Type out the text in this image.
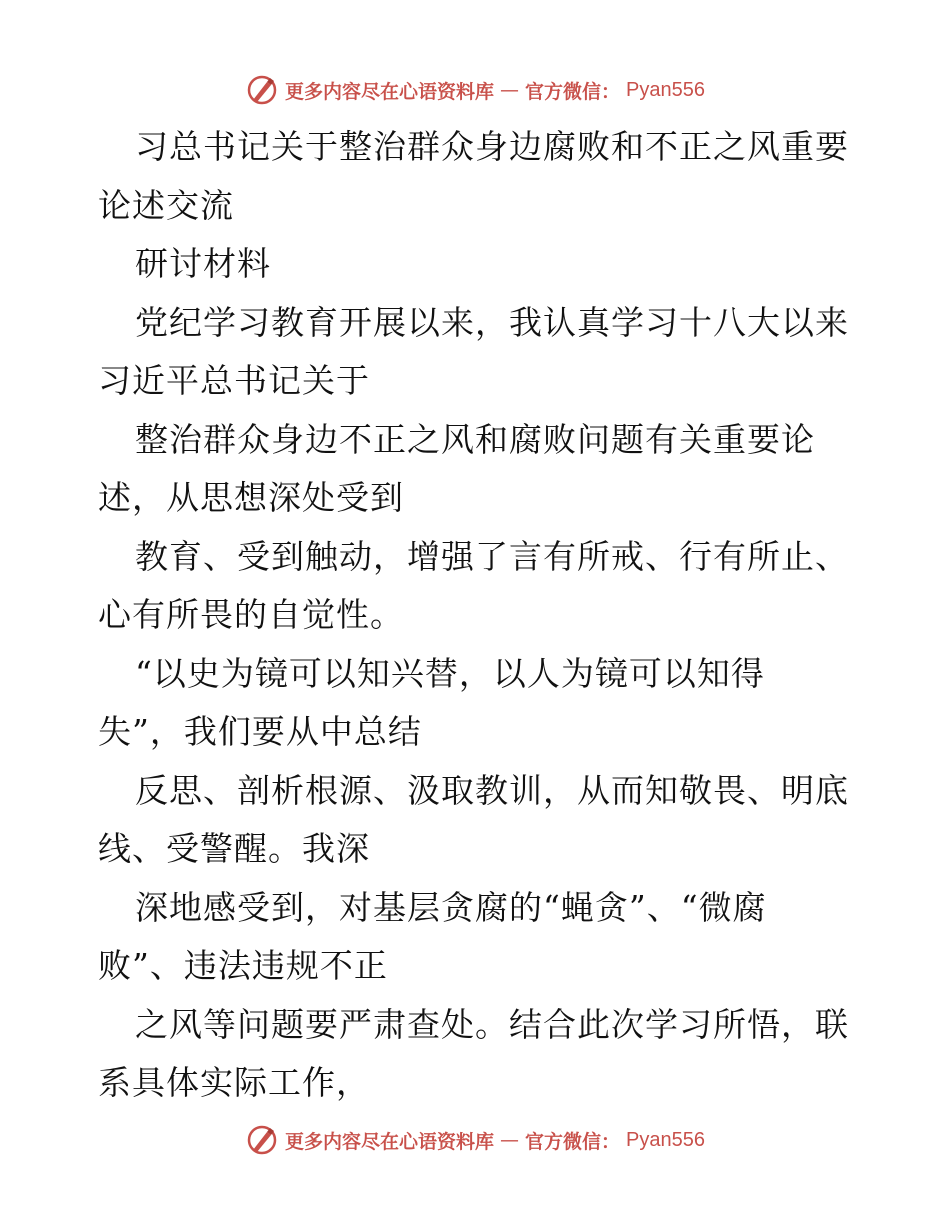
更多内容尽在心语资料库 — 官方微信： Pyan556
习总书记关于整治群众身边腐败和不正之风重要
论述交流
研讨材料
党纪学习教育开展以来，我认真学习十八大以来
习近平总书记关于
整治群众身边不正之风和腐败问题有关重要论
述，从思想深处受到
教育、受到触动，增强了言有所戒、行有所止、
心有所畏的自觉性。
“以史为镜可以知兴替，以人为镜可以知得
失”，我们要从中总结
反思、剖析根源、汲取教训，从而知敬畏、明底
线、受警醒。我深
深地感受到，对基层贪腐的“蝇贪”、“微腐
败”、违法违规不正
之风等问题要严肃查处。结合此次学习所悟，联
系具体实际工作，
更多内容尽在心语资料库 — 官方微信： Pyan556
